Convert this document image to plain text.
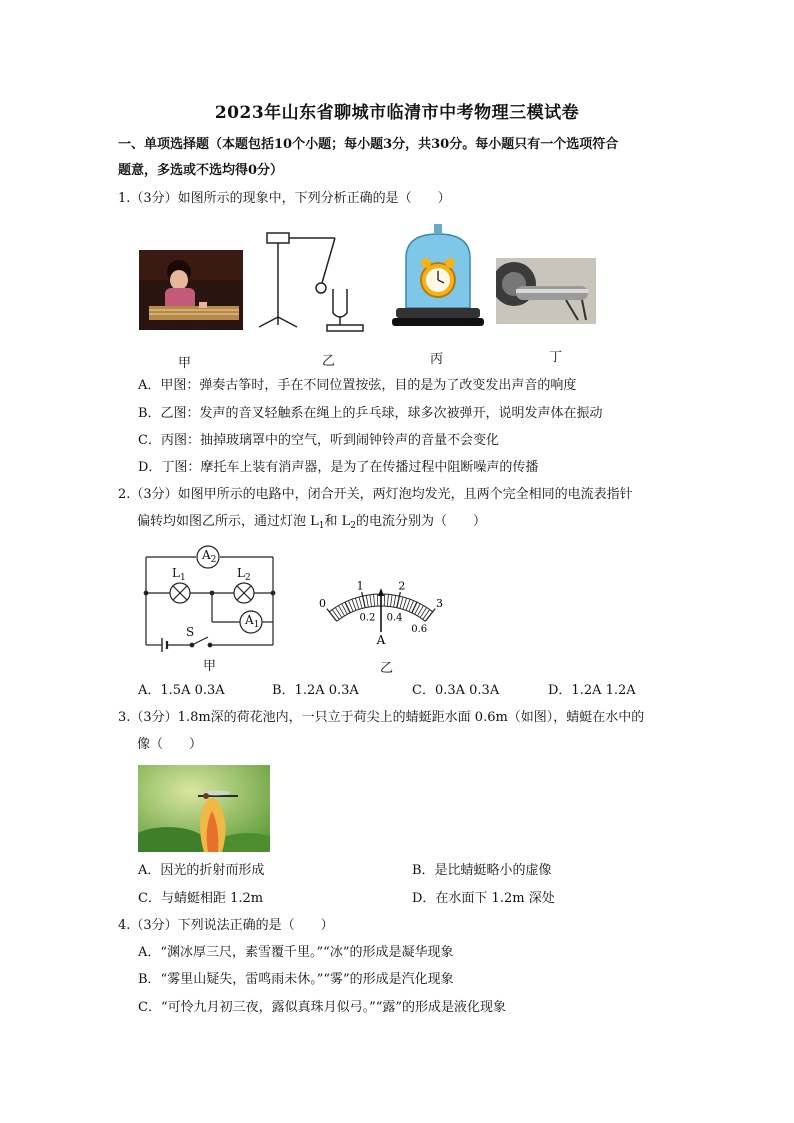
2023年山东省聊城市临清市中考物理三模试卷
一、单项选择题（本题包括10个小题；每小题3分，共30分。每小题只有一个选项符合
题意，多选或不选均得0分）
1.（3分）如图所示的现象中，下列分析正确的是（　　）
甲	乙	丙	丁
A．甲图：弹奏古筝时，手在不同位置按弦，目的是为了改变发出声音的响度
B．乙图：发声的音叉轻触系在绳上的乒乓球，球多次被弹开，说明发声体在振动
C．丙图：抽掉玻璃罩中的空气，听到闹钟铃声的音量不会变化
D．丁图：摩托车上装有消声器，是为了在传播过程中阻断噪声的传播
2.（3分）如图甲所示的电路中，闭合开关，两灯泡均发光，且两个完全相同的电流表指针
偏转均如图乙所示，通过灯泡 $L_1$和 $L_2$的电流分别为（　　）
$A_2$
$L_1$	$L_2$
$A_1$
S
0
1	2
3
0.2 0.4
0.6
A
甲	乙
A．1.5A 0.3A	B．1.2A 0.3A	C．0.3A 0.3A	D．1.2A 1.2A
3.（3分）1.8m深的荷花池内，一只立于荷尖上的蜻蜓距水面 0.6m（如图），蜻蜓在水中的
像（　　）
A．因光的折射而形成	B．是比蜻蜓略小的虚像
C．与蜻蜓相距 1.2m	D．在水面下 1.2m 深处
4.（3分）下列说法正确的是（　　）
A．“渊冰厚三尺，素雪覆千里。”“冰”的形成是凝华现象
B．“雾里山疑失，雷鸣雨未休。”“雾”的形成是汽化现象
C．“可怜九月初三夜，露似真珠月似弓。”“露”的形成是液化现象
